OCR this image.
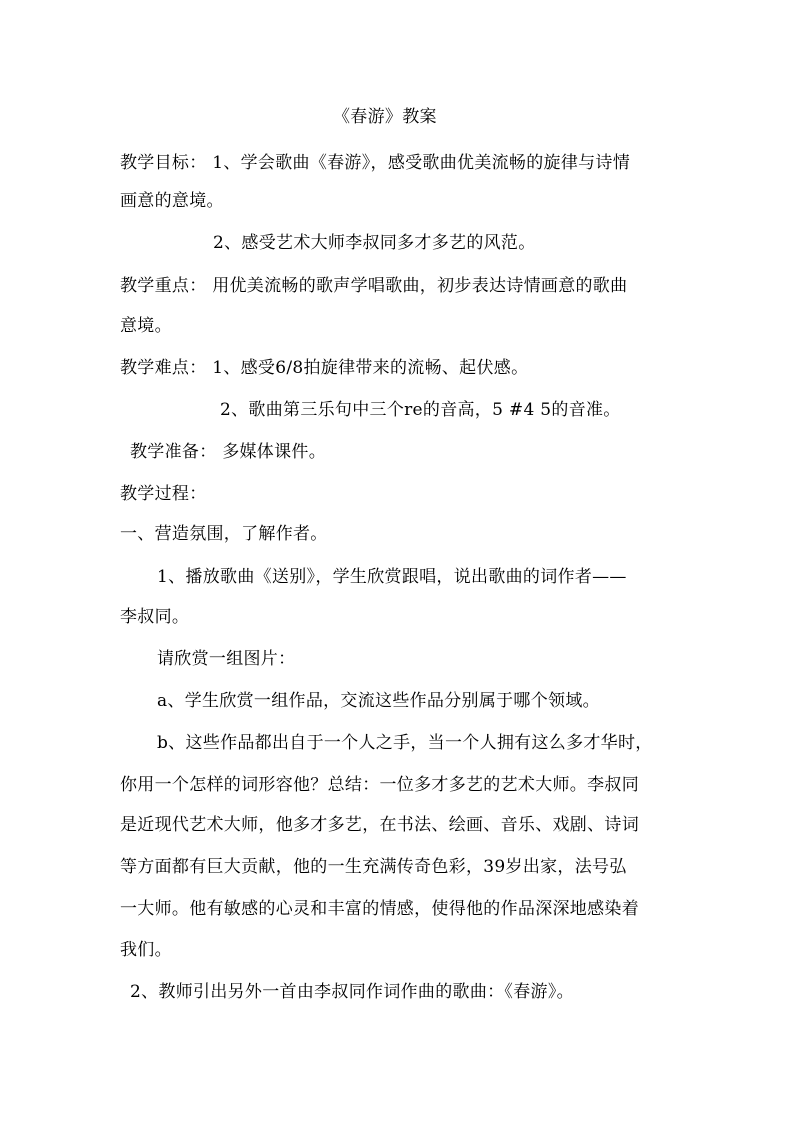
《春游》教案
教学目标： 1、学会歌曲《春游》，感受歌曲优美流畅的旋律与诗情
画意的意境。
2、感受艺术大师李叔同多才多艺的风范。
教学重点： 用优美流畅的歌声学唱歌曲，初步表达诗情画意的歌曲
意境。
教学难点： 1、感受6/8拍旋律带来的流畅、起伏感。
2、歌曲第三乐句中三个re的音高，5 #4 5的音准。
教学准备： 多媒体课件。
教学过程：
一、营造氛围，了解作者。
1、播放歌曲《送别》，学生欣赏跟唱，说出歌曲的词作者——
李叔同。
请欣赏一组图片：
a、学生欣赏一组作品，交流这些作品分别属于哪个领域。
b、这些作品都出自于一个人之手，当一个人拥有这么多才华时，
你用一个怎样的词形容他？总结：一位多才多艺的艺术大师。李叔同
是近现代艺术大师，他多才多艺，在书法、绘画、音乐、戏剧、诗词
等方面都有巨大贡献，他的一生充满传奇色彩，39岁出家，法号弘
一大师。他有敏感的心灵和丰富的情感，使得他的作品深深地感染着
我们。
2、教师引出另外一首由李叔同作词作曲的歌曲：《春游》。
